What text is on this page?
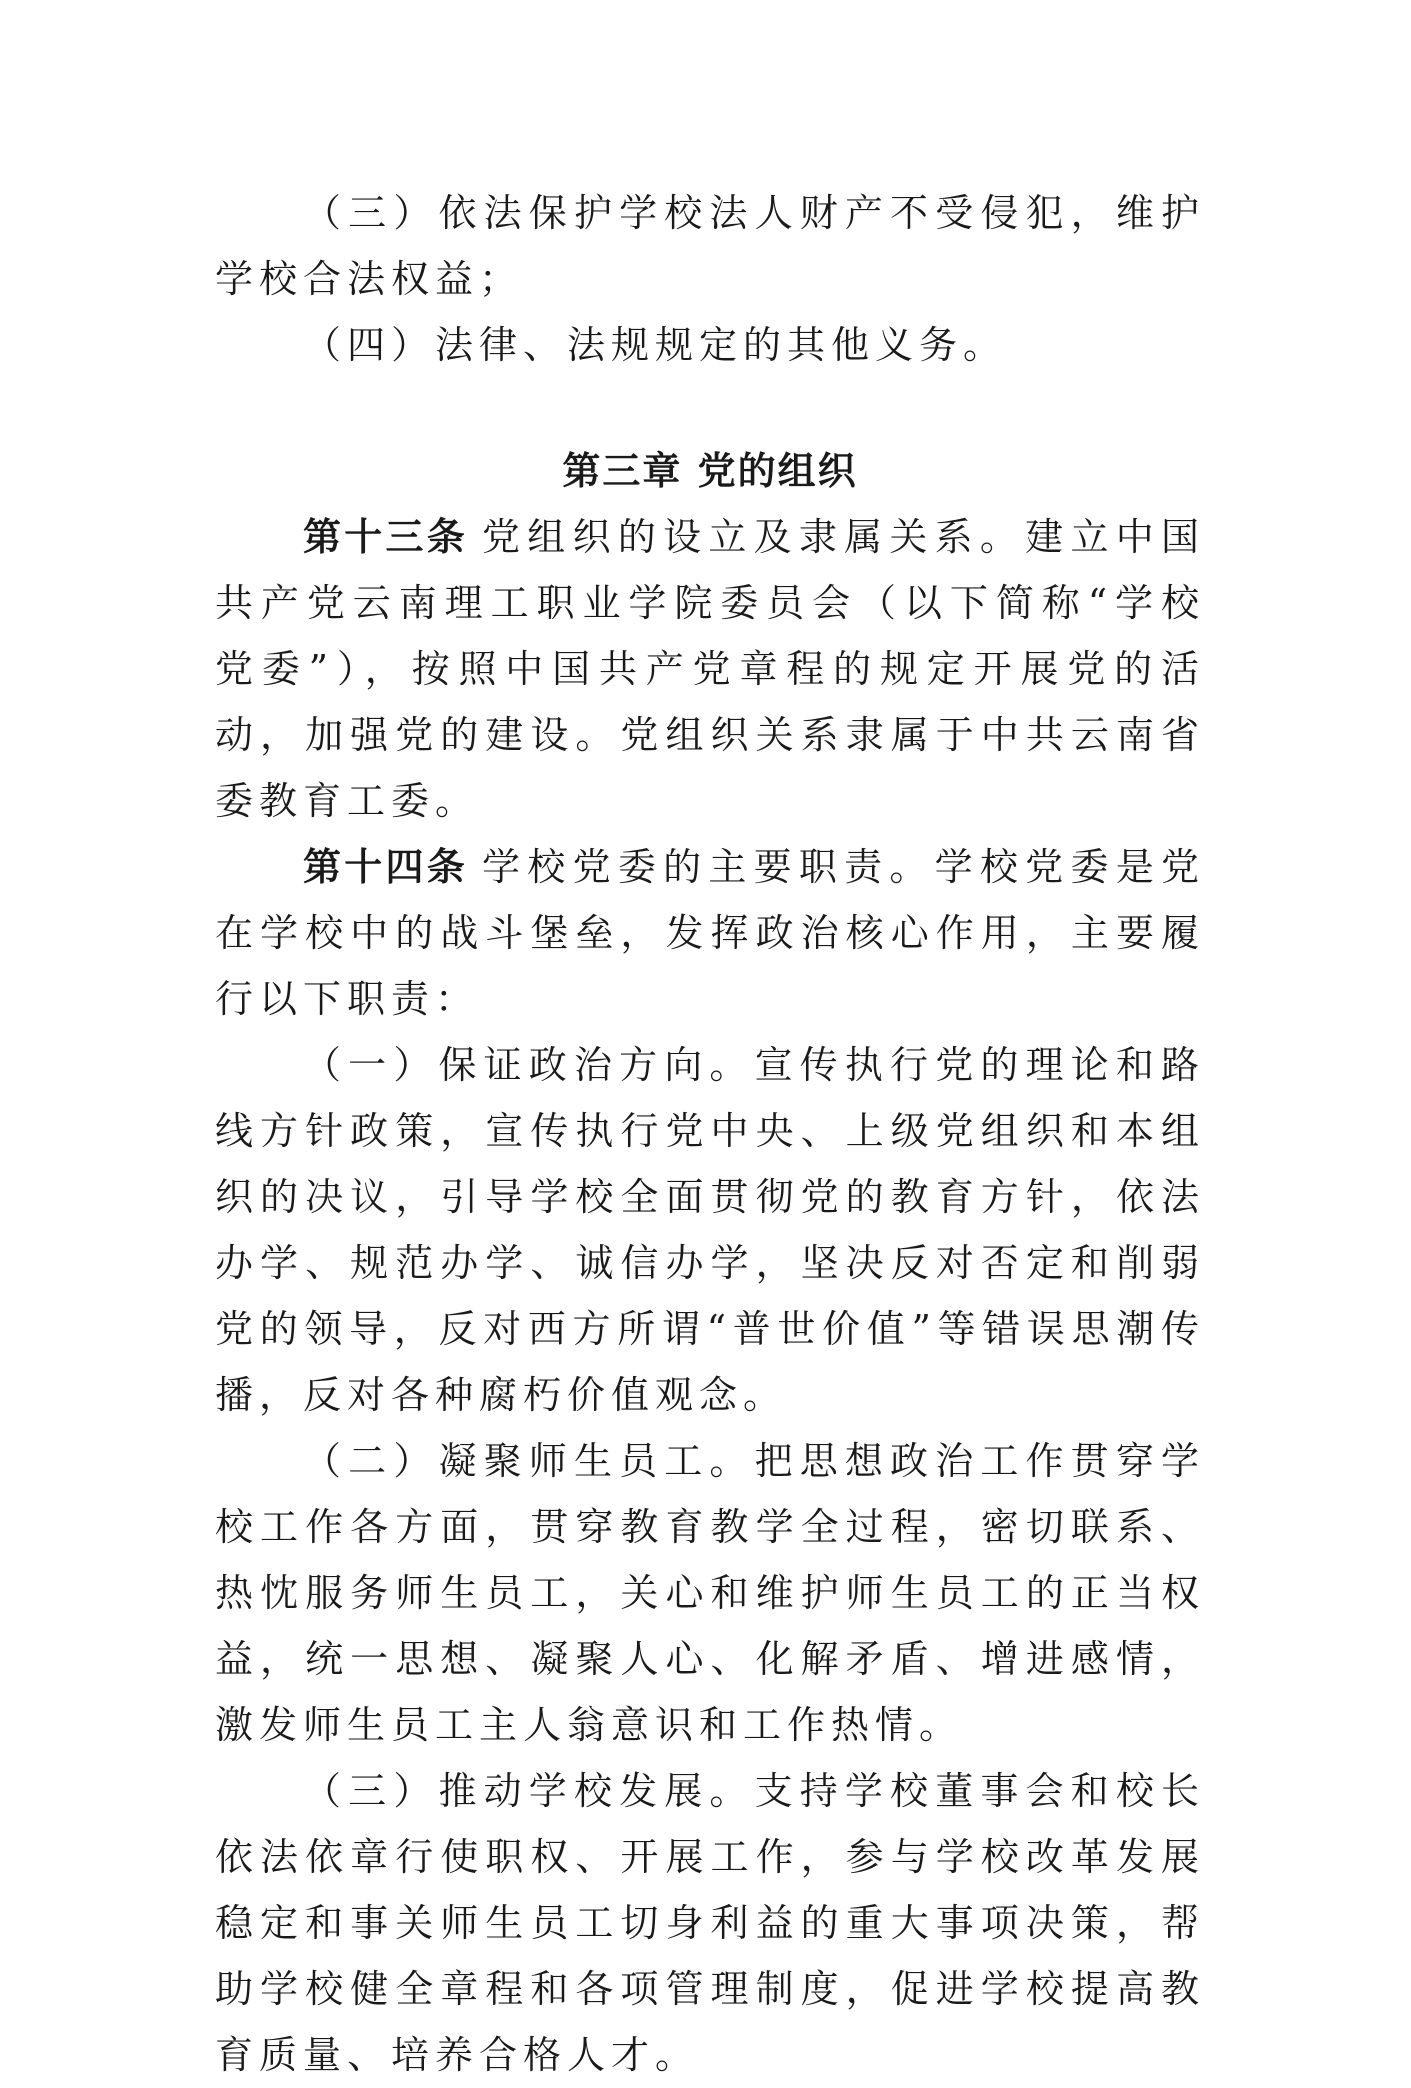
（三）依法保护学校法人财产不受侵犯，维护学校合法权益；

（四）法律、法规规定的其他义务。

第三章 党的组织

第十三条 党组织的设立及隶属关系。建立中国共产党云南理工职业学院委员会（以下简称“学校党委”），按照中国共产党章程的规定开展党的活动，加强党的建设。党组织关系隶属于中共云南省委教育工委。

第十四条 学校党委的主要职责。学校党委是党在学校中的战斗堡垒，发挥政治核心作用，主要履行以下职责：

（一）保证政治方向。宣传执行党的理论和路线方针政策，宣传执行党中央、上级党组织和本组织的决议，引导学校全面贯彻党的教育方针，依法办学、规范办学、诚信办学，坚决反对否定和削弱党的领导，反对西方所谓“普世价值”等错误思潮传播，反对各种腐朽价值观念。

（二）凝聚师生员工。把思想政治工作贯穿学校工作各方面，贯穿教育教学全过程，密切联系、热忱服务师生员工，关心和维护师生员工的正当权益，统一思想、凝聚人心、化解矛盾、增进感情，激发师生员工主人翁意识和工作热情。

（三）推动学校发展。支持学校董事会和校长依法依章行使职权、开展工作，参与学校改革发展稳定和事关师生员工切身利益的重大事项决策，帮助学校健全章程和各项管理制度，促进学校提高教育质量、培养合格人才。
